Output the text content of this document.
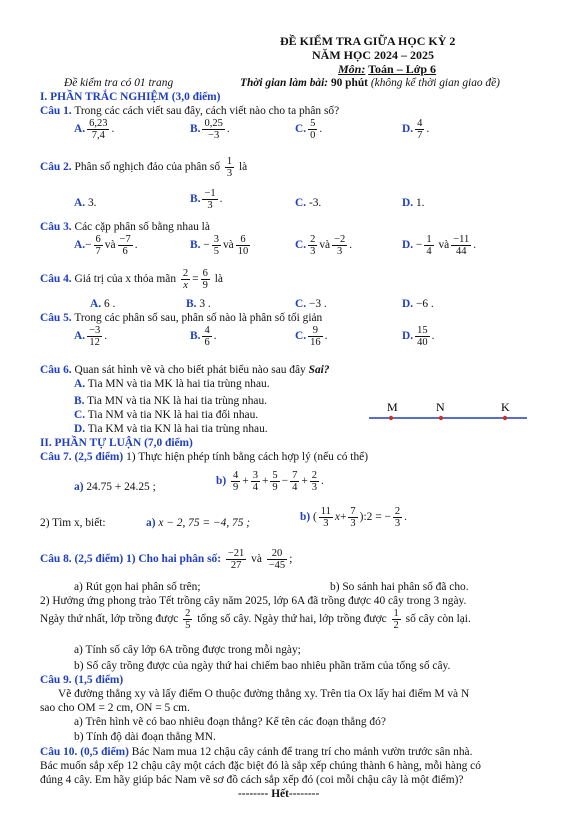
ĐỀ KIỂM TRA GIỮA HỌC KỲ 2
NĂM HỌC 2024 – 2025
Môn: Toán – Lớp 6
Đề kiểm tra có 01 trang	Thời gian làm bài: 90 phút (không kể thời gian giao đề)
I. PHẦN TRẮC NGHIỆM (3,0 điểm)
Câu 1. Trong các cách viết sau đây, cách viết nào cho ta phân số?
A. $\frac{6,23}{7,4}$ .	B. $\frac{0,25}{-3}$ .	C. $\frac{5}{0}$ .	D. $\frac{4}{7}$ .
Câu 2. Phân số nghịch đảo của phân số $\frac{1}{3}$ là
A. 3.	B. $\frac{-1}{3}$ .	C. -3.	D. 1.
Câu 3. Các cặp phân số bằng nhau là
$A.- \frac{6}{7}$ và $\frac{-7}{6}$ .	B. − $\frac{3}{5}$ và $\frac{6}{10}$	C. $\frac{2}{3}$ và $\frac{-2}{3}$ .	D. − $\frac{1}{4}$ và $\frac{-11}{44}$ .
Câu 4. Giá trị của x thỏa mãn $\frac{2}{x} = \frac{6}{9}$ là
A. 6 .	B. 3 .	C. −3 .	D. −6 .
Câu 5. Trong các phân số sau, phân số nào là phân số tối giản
A. $\frac{-3}{12}$ .	B. $\frac{4}{6}$ .	C. $\frac{9}{16}$ .	D. $\frac{15}{40}$ .
Câu 6. Quan sát hình vẽ và cho biết phát biểu nào sau đây Sai?
A. Tia MN và tia MK là hai tia trùng nhau.
B. Tia MN và tia NK là hai tia trùng nhau.
C. Tia NM và tia NK là hai tia đối nhau.
D. Tia KM và tia KN là hai tia trùng nhau.
M	N	K
II. PHẦN TỰ LUẬN (7,0 điểm)
Câu 7. (2,5 điểm) 1) Thực hiện phép tính bằng cách hợp lý (nếu có thể)
a) 24.75 + 24.25 ;	$b) \frac{4}{9} + \frac{3}{4} + \frac{5}{9} - \frac{7}{4} + \frac{2}{3}$ .
2) Tìm x, biết:	a) x − 2, 75 = −4, 75 ;	b) ( $\frac{11}{3} x+ \frac{7}{3}$ ):2 = − $\frac{2}{3}$ .
Câu 8. (2,5 điểm) 1) Cho hai phân số: $\frac{-21}{27}$ và $\frac{20}{-45}$ ;
a) Rút gọn hai phân số trên;	b) So sánh hai phân số đã cho.
2) Hưởng ứng phong trào Tết trồng cây năm 2025, lớp 6A đã trồng được 40 cây trong 3 ngày.
Ngày thứ nhất, lớp trồng được $\frac{2}{5}$ tổng số cây. Ngày thứ hai, lớp trồng được $\frac{1}{2}$ số cây còn lại.
a) Tính số cây lớp 6A trồng được trong mỗi ngày;
b) Số cây trồng được của ngày thứ hai chiếm bao nhiêu phần trăm của tổng số cây.
Câu 9. (1,5 điểm)
Vẽ đường thẳng xy và lấy điểm O thuộc đường thẳng xy. Trên tia Ox lấy hai điểm M và N
sao cho OM = 2 cm, ON = 5 cm.
a) Trên hình vẽ có bao nhiêu đoạn thẳng? Kể tên các đoạn thẳng đó?
b) Tính độ dài đoạn thẳng MN.
Câu 10. (0,5 điểm) Bác Nam mua 12 chậu cây cảnh để trang trí cho mảnh vườn trước sân nhà.
Bác muốn sắp xếp 12 chậu cây một cách đặc biệt đó là sắp xếp chúng thành 6 hàng, mỗi hàng có
đúng 4 cây. Em hãy giúp bác Nam vẽ sơ đồ cách sắp xếp đó (coi mỗi chậu cây là một điểm)?
-------- Hết--------
